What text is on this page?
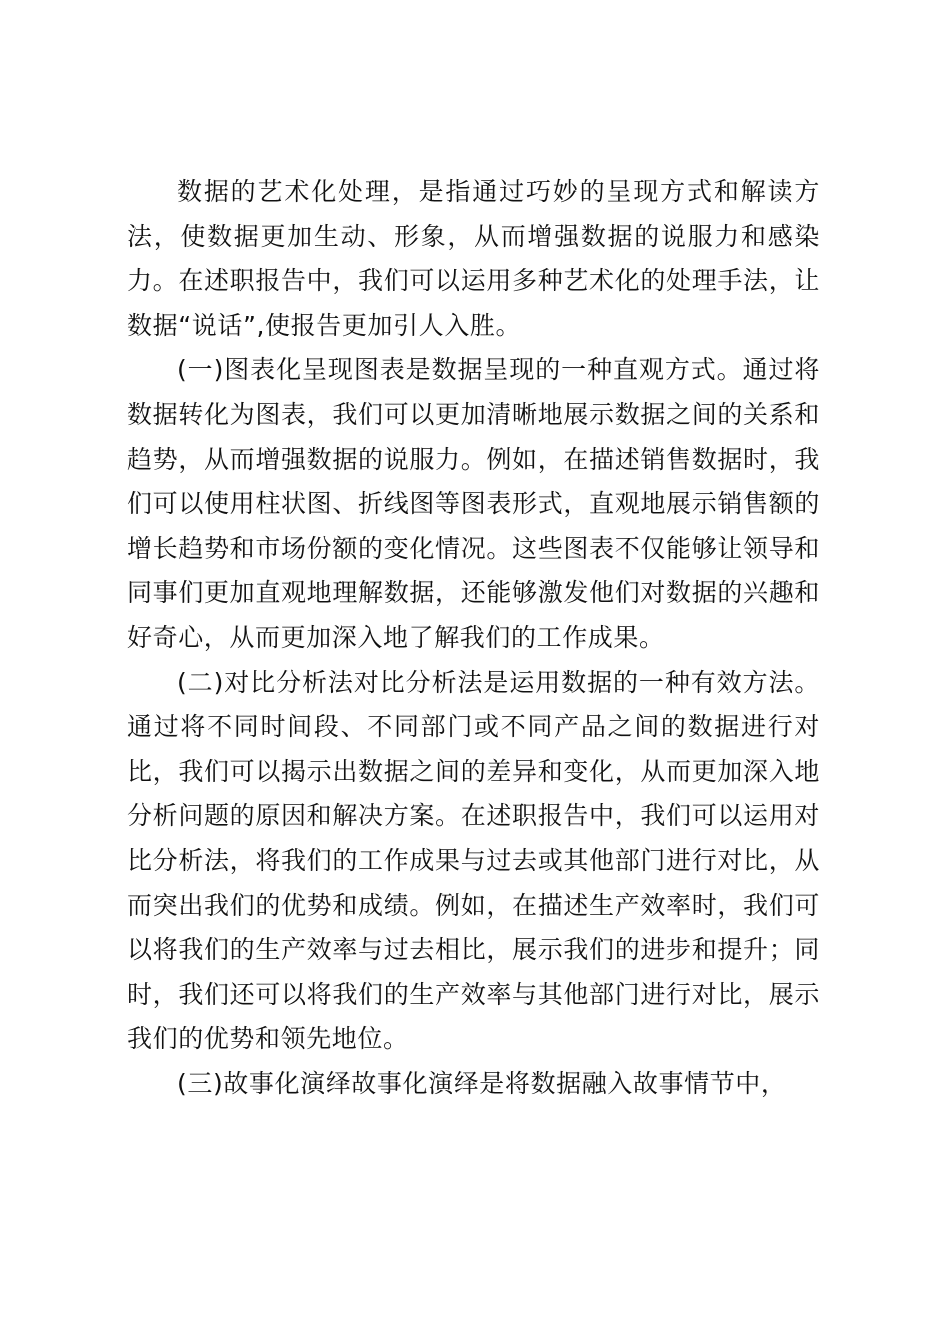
数据的艺术化处理，是指通过巧妙的呈现方式和解读方法，使数据更加生动、形象，从而增强数据的说服力和感染力。在述职报告中，我们可以运用多种艺术化的处理手法，让数据“说话”,使报告更加引人入胜。

(一)图表化呈现图表是数据呈现的一种直观方式。通过将数据转化为图表，我们可以更加清晰地展示数据之间的关系和趋势，从而增强数据的说服力。例如，在描述销售数据时，我们可以使用柱状图、折线图等图表形式，直观地展示销售额的增长趋势和市场份额的变化情况。这些图表不仅能够让领导和同事们更加直观地理解数据，还能够激发他们对数据的兴趣和好奇心，从而更加深入地了解我们的工作成果。

(二)对比分析法对比分析法是运用数据的一种有效方法。通过将不同时间段、不同部门或不同产品之间的数据进行对比，我们可以揭示出数据之间的差异和变化，从而更加深入地分析问题的原因和解决方案。在述职报告中，我们可以运用对比分析法，将我们的工作成果与过去或其他部门进行对比，从而突出我们的优势和成绩。例如，在描述生产效率时，我们可以将我们的生产效率与过去相比，展示我们的进步和提升；同时，我们还可以将我们的生产效率与其他部门进行对比，展示我们的优势和领先地位。

(三)故事化演绎故事化演绎是将数据融入故事情节中，
